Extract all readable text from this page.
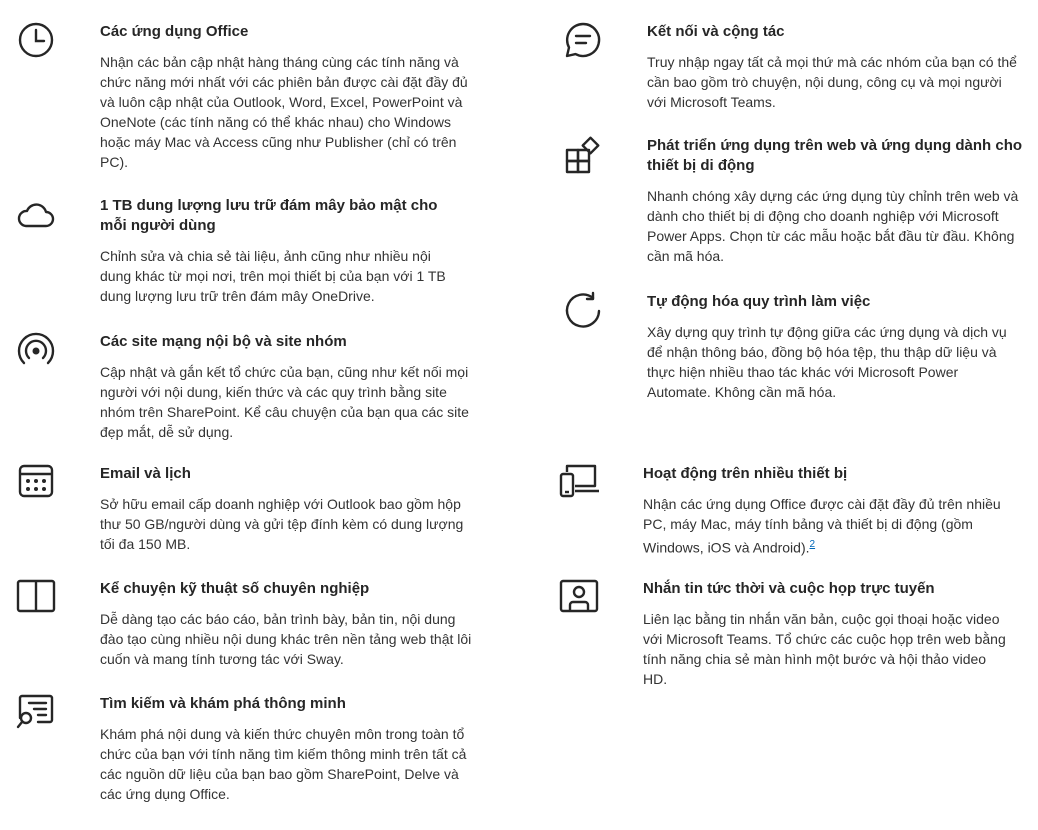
Các ứng dụng Office

Nhận các bản cập nhật hàng tháng cùng các tính năng và chức năng mới nhất với các phiên bản được cài đặt đầy đủ và luôn cập nhật của Outlook, Word, Excel, PowerPoint và OneNote (các tính năng có thể khác nhau) cho Windows hoặc máy Mac và Access cũng như Publisher (chỉ có trên PC).

1 TB dung lượng lưu trữ đám mây bảo mật cho mỗi người dùng

Chỉnh sửa và chia sẻ tài liệu, ảnh cũng như nhiều nội dung khác từ mọi nơi, trên mọi thiết bị của bạn với 1 TB dung lượng lưu trữ trên đám mây OneDrive.

Các site mạng nội bộ và site nhóm

Cập nhật và gắn kết tổ chức của bạn, cũng như kết nối mọi người với nội dung, kiến thức và các quy trình bằng site nhóm trên SharePoint. Kể câu chuyện của bạn qua các site đẹp mắt, dễ sử dụng.

Email và lịch

Sở hữu email cấp doanh nghiệp với Outlook bao gồm hộp thư 50 GB/người dùng và gửi tệp đính kèm có dung lượng tối đa 150 MB.

Kể chuyện kỹ thuật số chuyên nghiệp

Dễ dàng tạo các báo cáo, bản trình bày, bản tin, nội dung đào tạo cùng nhiều nội dung khác trên nền tảng web thật lôi cuốn và mang tính tương tác với Sway.

Tìm kiếm và khám phá thông minh

Khám phá nội dung và kiến thức chuyên môn trong toàn tổ chức của bạn với tính năng tìm kiếm thông minh trên tất cả các nguồn dữ liệu của bạn bao gồm SharePoint, Delve và các ứng dụng Office.

Kết nối và cộng tác

Truy nhập ngay tất cả mọi thứ mà các nhóm của bạn có thể cần bao gồm trò chuyện, nội dung, công cụ và mọi người với Microsoft Teams.

Phát triển ứng dụng trên web và ứng dụng dành cho thiết bị di động

Nhanh chóng xây dựng các ứng dụng tùy chỉnh trên web và dành cho thiết bị di động cho doanh nghiệp với Microsoft Power Apps. Chọn từ các mẫu hoặc bắt đầu từ đầu. Không cần mã hóa.

Tự động hóa quy trình làm việc

Xây dựng quy trình tự động giữa các ứng dụng và dịch vụ để nhận thông báo, đồng bộ hóa tệp, thu thập dữ liệu và thực hiện nhiều thao tác khác với Microsoft Power Automate. Không cần mã hóa.

Hoạt động trên nhiều thiết bị

Nhận các ứng dụng Office được cài đặt đầy đủ trên nhiều PC, máy Mac, máy tính bảng và thiết bị di động (gồm Windows, iOS và Android).$^2$

Nhắn tin tức thời và cuộc họp trực tuyến

Liên lạc bằng tin nhắn văn bản, cuộc gọi thoại hoặc video với Microsoft Teams. Tổ chức các cuộc họp trên web bằng tính năng chia sẻ màn hình một bước và hội thảo video HD.
